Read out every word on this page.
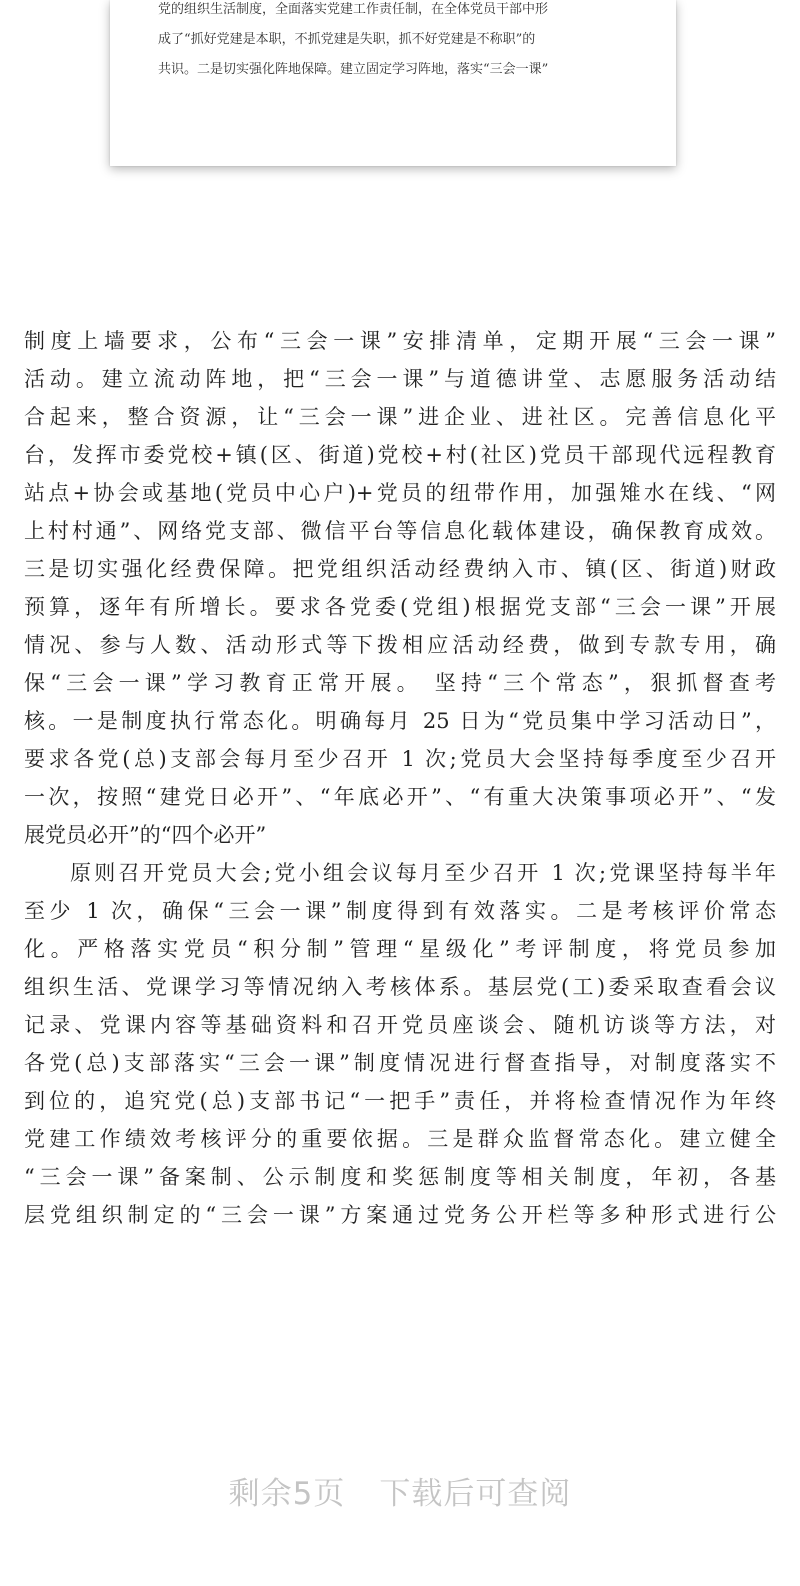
党的组织生活制度，全面落实党建工作责任制，在全体党员干部中形
成了“抓好党建是本职，不抓党建是失职，抓不好党建是不称职”的
共识。二是切实强化阵地保障。建立固定学习阵地，落实“三会一课”

制度上墙要求，公布“三会一课”安排清单，定期开展“三会一课”
活动。建立流动阵地，把“三会一课”与道德讲堂、志愿服务活动结
合起来，整合资源，让“三会一课”进企业、进社区。完善信息化平
台，发挥市委党校+镇(区、街道)党校+村(社区)党员干部现代远程教育
站点+协会或基地(党员中心户)+党员的纽带作用，加强雉水在线、“网
上村村通”、网络党支部、微信平台等信息化载体建设，确保教育成效。
三是切实强化经费保障。把党组织活动经费纳入市、镇(区、街道)财政
预算，逐年有所增长。要求各党委(党组)根据党支部“三会一课”开展
情况、参与人数、活动形式等下拨相应活动经费，做到专款专用，确
保“三会一课”学习教育正常开展。 坚持“三个常态”，狠抓督查考
核。一是制度执行常态化。明确每月 25 日为“党员集中学习活动日”，
要求各党(总)支部会每月至少召开 1 次;党员大会坚持每季度至少召开
一次，按照“建党日必开”、“年底必开”、“有重大决策事项必开”、“发
展党员必开”的“四个必开”
原则召开党员大会;党小组会议每月至少召开 1 次;党课坚持每半年
至少 1 次，确保“三会一课”制度得到有效落实。二是考核评价常态
化。严格落实党员“积分制”管理“星级化”考评制度，将党员参加
组织生活、党课学习等情况纳入考核体系。基层党(工)委采取查看会议
记录、党课内容等基础资料和召开党员座谈会、随机访谈等方法，对
各党(总)支部落实“三会一课”制度情况进行督查指导，对制度落实不
到位的，追究党(总)支部书记“一把手”责任，并将检查情况作为年终
党建工作绩效考核评分的重要依据。三是群众监督常态化。建立健全
“三会一课”备案制、公示制度和奖惩制度等相关制度，年初，各基
层党组织制定的“三会一课”方案通过党务公开栏等多种形式进行公
剩余5页 下载后可查阅
